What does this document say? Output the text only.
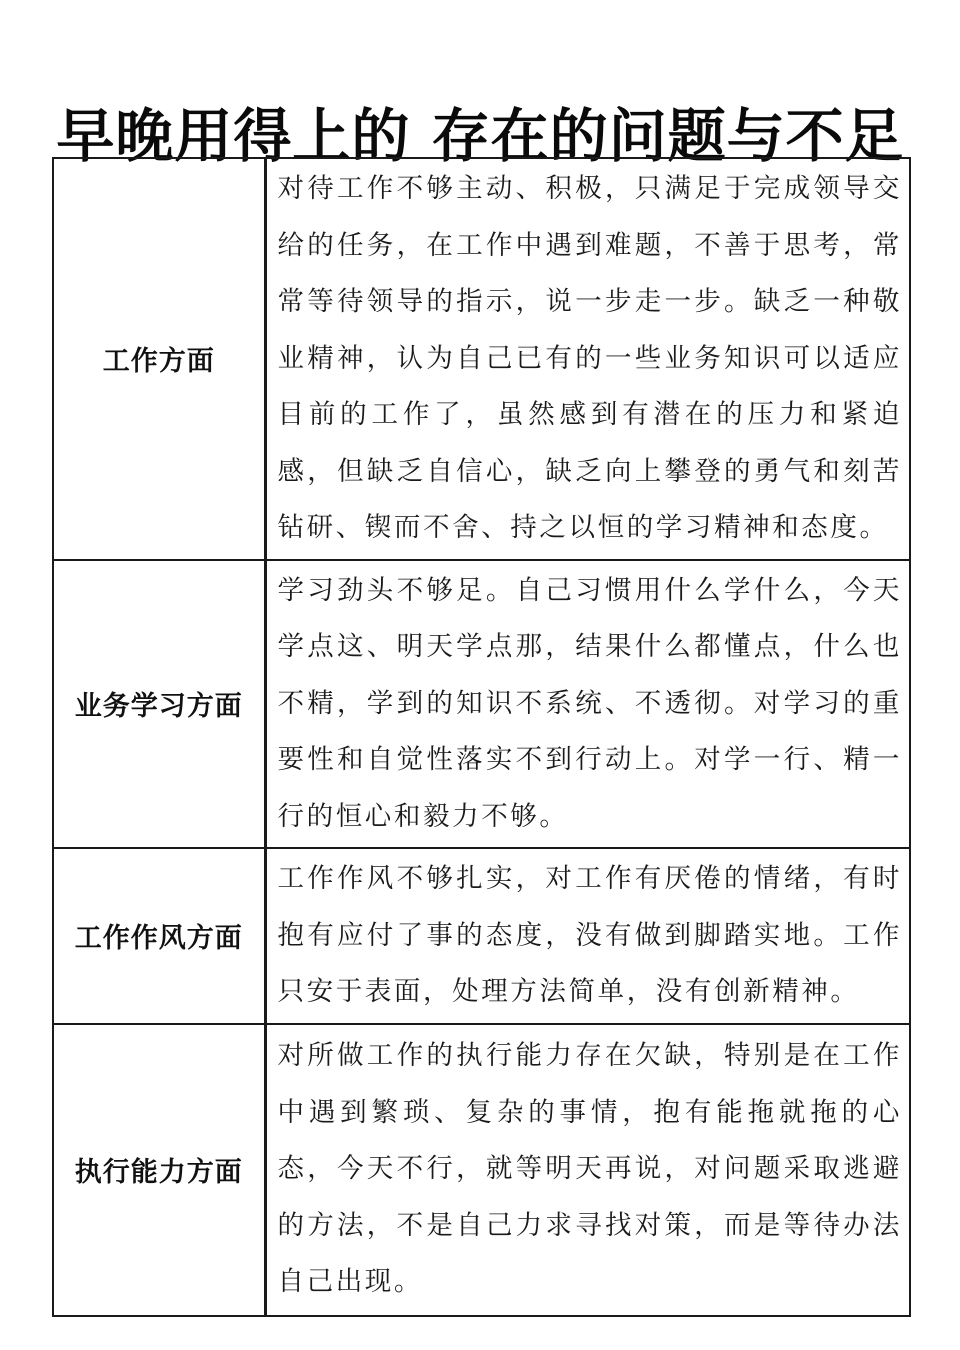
早晚用得上的 存在的问题与不足
工作方面	对待工作不够主动、积极，只满足于完成领导交给的任务，在工作中遇到难题，不善于思考，常常等待领导的指示，说一步走一步。缺乏一种敬业精神，认为自己已有的一些业务知识可以适应目前的工作了，虽然感到有潜在的压力和紧迫感，但缺乏自信心，缺乏向上攀登的勇气和刻苦钻研、锲而不舍、持之以恒的学习精神和态度。
业务学习方面	学习劲头不够足。自己习惯用什么学什么，今天学点这、明天学点那，结果什么都懂点，什么也不精，学到的知识不系统、不透彻。对学习的重要性和自觉性落实不到行动上。对学一行、精一行的恒心和毅力不够。
工作作风方面	工作作风不够扎实，对工作有厌倦的情绪，有时抱有应付了事的态度，没有做到脚踏实地。工作只安于表面，处理方法简单，没有创新精神。
执行能力方面	对所做工作的执行能力存在欠缺，特别是在工作中遇到繁琐、复杂的事情，抱有能拖就拖的心态，今天不行，就等明天再说，对问题采取逃避的方法，不是自己力求寻找对策，而是等待办法自己出现。
